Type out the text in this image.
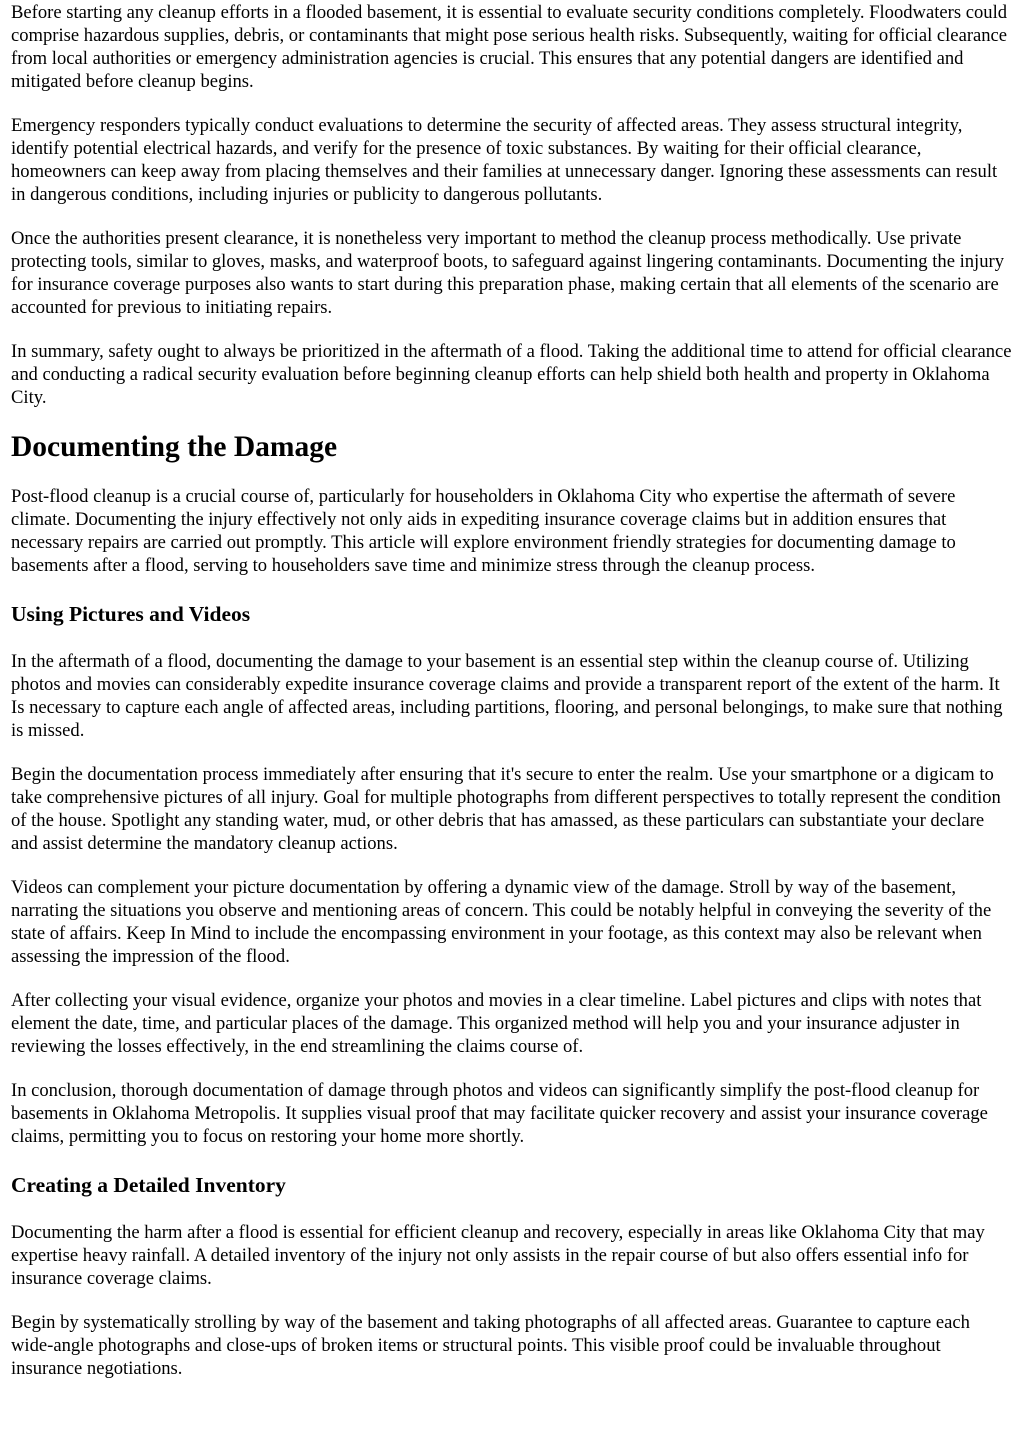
Before starting any cleanup efforts in a flooded basement, it is essential to evaluate security conditions completely. Floodwaters could comprise hazardous supplies, debris, or contaminants that might pose serious health risks. Subsequently, waiting for official clearance from local authorities or emergency administration agencies is crucial. This ensures that any potential dangers are identified and mitigated before cleanup begins.

Emergency responders typically conduct evaluations to determine the security of affected areas. They assess structural integrity, identify potential electrical hazards, and verify for the presence of toxic substances. By waiting for their official clearance, homeowners can keep away from placing themselves and their families at unnecessary danger. Ignoring these assessments can result in dangerous conditions, including injuries or publicity to dangerous pollutants.

Once the authorities present clearance, it is nonetheless very important to method the cleanup process methodically. Use private protecting tools, similar to gloves, masks, and waterproof boots, to safeguard against lingering contaminants. Documenting the injury for insurance coverage purposes also wants to start during this preparation phase, making certain that all elements of the scenario are accounted for previous to initiating repairs.

In summary, safety ought to always be prioritized in the aftermath of a flood. Taking the additional time to attend for official clearance and conducting a radical security evaluation before beginning cleanup efforts can help shield both health and property in Oklahoma City.

Documenting the Damage

Post-flood cleanup is a crucial course of, particularly for householders in Oklahoma City who expertise the aftermath of severe climate. Documenting the injury effectively not only aids in expediting insurance coverage claims but in addition ensures that necessary repairs are carried out promptly. This article will explore environment friendly strategies for documenting damage to basements after a flood, serving to householders save time and minimize stress through the cleanup process.

Using Pictures and Videos

In the aftermath of a flood, documenting the damage to your basement is an essential step within the cleanup course of. Utilizing photos and movies can considerably expedite insurance coverage claims and provide a transparent report of the extent of the harm. It Is necessary to capture each angle of affected areas, including partitions, flooring, and personal belongings, to make sure that nothing is missed.

Begin the documentation process immediately after ensuring that it's secure to enter the realm. Use your smartphone or a digicam to take comprehensive pictures of all injury. Goal for multiple photographs from different perspectives to totally represent the condition of the house. Spotlight any standing water, mud, or other debris that has amassed, as these particulars can substantiate your declare and assist determine the mandatory cleanup actions.

Videos can complement your picture documentation by offering a dynamic view of the damage. Stroll by way of the basement, narrating the situations you observe and mentioning areas of concern. This could be notably helpful in conveying the severity of the state of affairs. Keep In Mind to include the encompassing environment in your footage, as this context may also be relevant when assessing the impression of the flood.

After collecting your visual evidence, organize your photos and movies in a clear timeline. Label pictures and clips with notes that element the date, time, and particular places of the damage. This organized method will help you and your insurance adjuster in reviewing the losses effectively, in the end streamlining the claims course of.

In conclusion, thorough documentation of damage through photos and videos can significantly simplify the post-flood cleanup for basements in Oklahoma Metropolis. It supplies visual proof that may facilitate quicker recovery and assist your insurance coverage claims, permitting you to focus on restoring your home more shortly.

Creating a Detailed Inventory

Documenting the harm after a flood is essential for efficient cleanup and recovery, especially in areas like Oklahoma City that may expertise heavy rainfall. A detailed inventory of the injury not only assists in the repair course of but also offers essential info for insurance coverage claims.

Begin by systematically strolling by way of the basement and taking photographs of all affected areas. Guarantee to capture each wide-angle photographs and close-ups of broken items or structural points. This visible proof could be invaluable throughout insurance negotiations.
